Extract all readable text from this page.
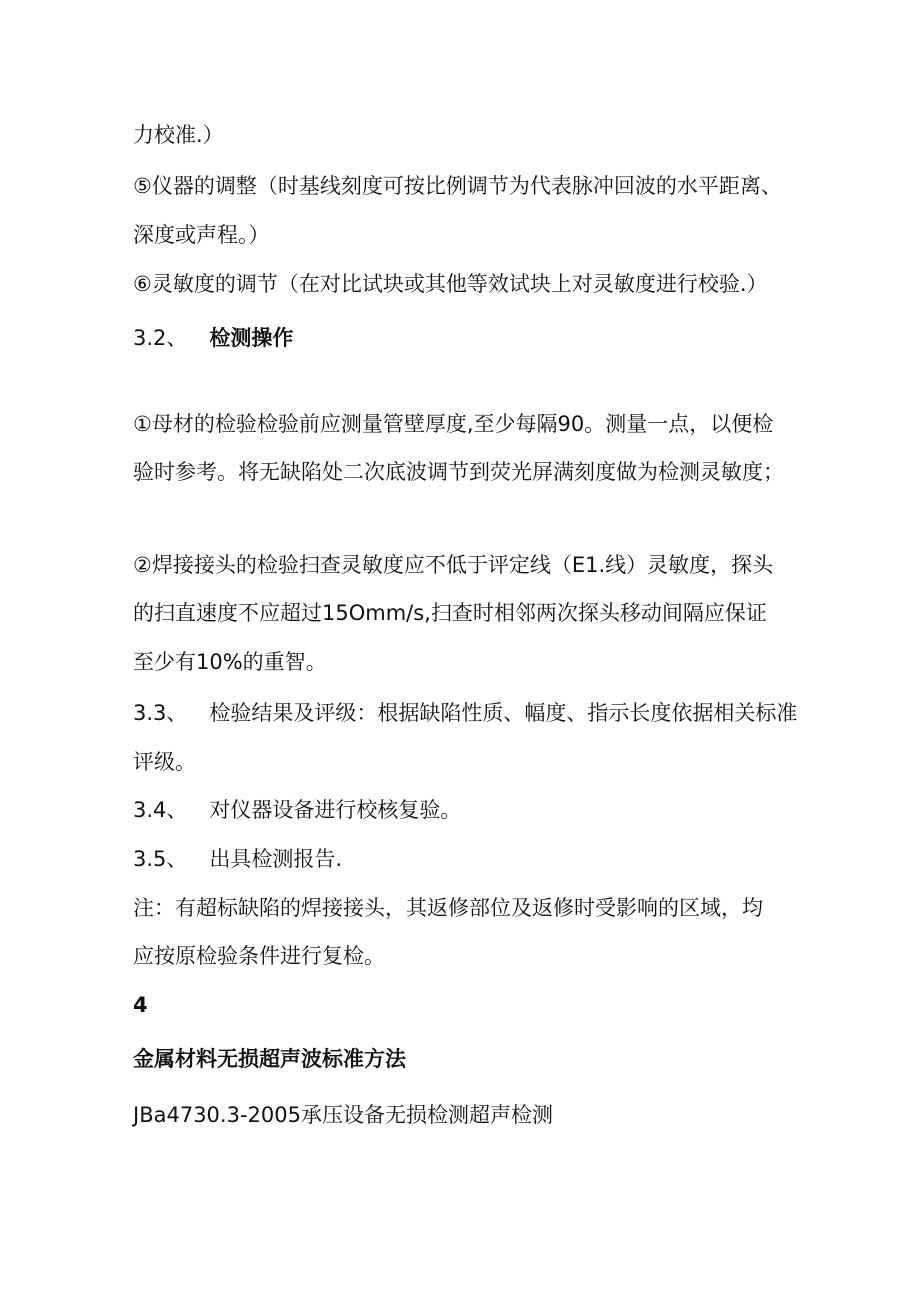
力校准.）
⑤仪器的调整（时基线刻度可按比例调节为代表脉冲回波的水平距离、
深度或声程。）
⑥灵敏度的调节（在对比试块或其他等效试块上对灵敏度进行校验.）
3.2、 检测操作
①母材的检验检验前应测量管壁厚度,至少每隔90。测量一点，以便检
验时参考。将无缺陷处二次底波调节到荧光屏满刻度做为检测灵敏度；
②焊接接头的检验扫查灵敏度应不低于评定线（E1.线）灵敏度，探头
的扫直速度不应超过15Omm/s,扫查时相邻两次探头移动间隔应保证
至少有10%的重智。
3.3、 检验结果及评级：根据缺陷性质、幅度、指示长度依据相关标准
评级。
3.4、 对仪器设备进行校核复验。
3.5、 出具检测报告.
注：有超标缺陷的焊接接头，其返修部位及返修时受影响的区域，均
应按原检验条件进行复检。
4
金属材料无损超声波标准方法
JBa4730.3-2005承压设备无损检测超声检测
